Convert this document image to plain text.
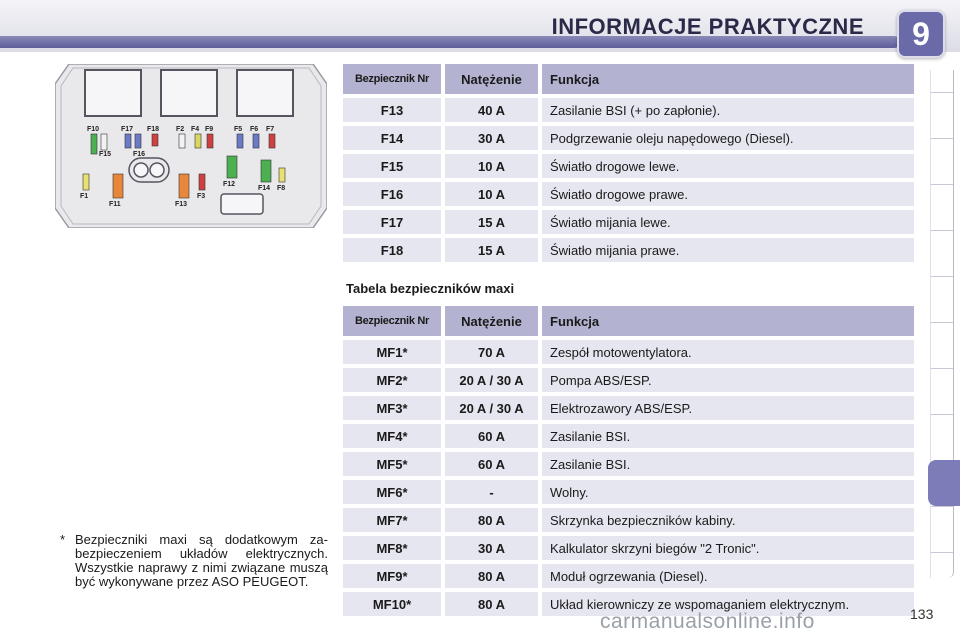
INFORMACJE PRAKTYCZNE	9
F10	F17 F18 F2 F4 F9	F5 F6 F7
F15	F16
F12
F14 F8
F1
F11	F13
F3
Bezpiecznik Nr	Natężenie	Funkcja
F13	40 A	Zasilanie BSI (+ po zapłonie).
F14	30 A	Podgrzewanie oleju napędowego (Diesel).
F15	10 A	Światło drogowe lewe.
F16	10 A	Światło drogowe prawe.
F17	15 A	Światło mijania lewe.
F18	15 A	Światło mijania prawe.
Tabela bezpieczników maxi
Bezpiecznik Nr	Natężenie	Funkcja
MF1*	70 A	Zespół motowentylatora.
MF2*	20 A / 30 A	Pompa ABS/ESP.
MF3*	20 A / 30 A	Elektrozawory ABS/ESP.
MF4*	60 A	Zasilanie BSI.
MF5*	60 A	Zasilanie BSI.
MF6*	-	Wolny.
MF7*	80 A	Skrzynka bezpieczników kabiny.
MF8*	30 A	Kalkulator skrzyni biegów "2 Tronic".
MF9*	80 A	Moduł ogrzewania (Diesel).
MF10*	80 A	Układ kierowniczy ze wspomaganiem elektrycznym.
* Bezpieczniki maxi są dodatkowym za-bezpieczeniem układów elektrycznych. Wszystkie naprawy z nimi związane muszą być wykonywane przez ASO PEUGEOT.
carmanualsonline.info	133
